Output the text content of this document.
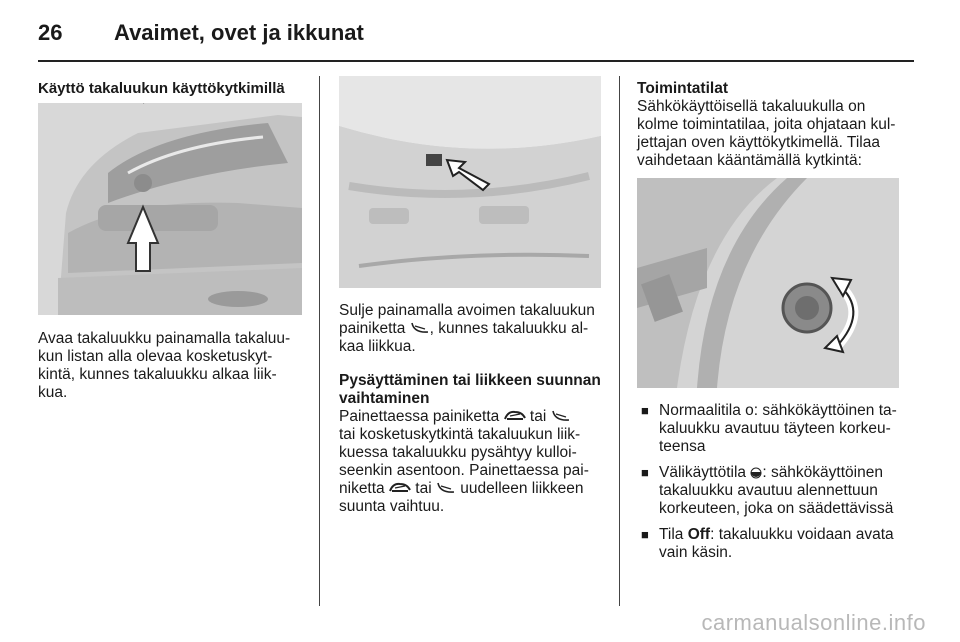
26 Avaimet, ovet ja ikkunat

Käyttö takaluukun käyttökytkimillä

Avaa takaluukku painamalla takaluu-

kun listan alla olevaa kosketuskyt-

kintä, kunnes takaluukku alkaa liik-

kua.

Sulje painamalla avoimen takaluukun

painiketta , kunnes takaluukku al-

kaa liikkua.

Pysäyttäminen tai liikkeen suunnan

vaihtaminen

Painettaessa painiketta  tai

tai kosketuskytkintä takaluukun liik-

kuessa takaluukku pysähtyy kulloi-

seenkin asentoon. Painettaessa pai-

niketta  tai  uudelleen liikkeen

suunta vaihtuu.

Toimintatilat

Sähkökäyttöisellä takaluukulla on

kolme toimintatilaa, joita ohjataan kul-

jettajan oven käyttökytkimellä. Tilaa

vaihdetaan kääntämällä kytkintä:

■ Normaalitila o: sähkökäyttöinen ta-

kaluukku avautuu täyteen korkeu-

teensa

■ Välikäyttötila : sähkökäyttöinen

takaluukku avautuu alennettuun

korkeuteen, joka on säädettävissä

■ Tila Off: takaluukku voidaan avata

vain käsin.

carmanualsonline.info
